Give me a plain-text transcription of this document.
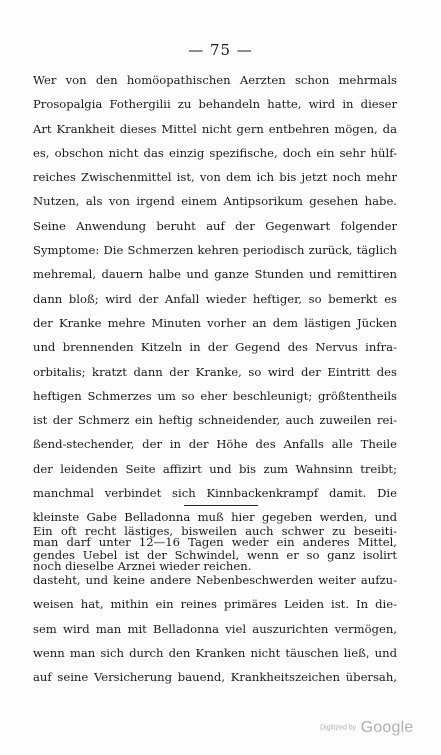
— 75 —
Wer von den homöopathischen Aerzten schon mehrmals
Prosopalgia Fothergilii zu behandeln hatte, wird in dieser
Art Krankheit dieses Mittel nicht gern entbehren mögen, da
es, obschon nicht das einzig spezifische, doch ein sehr hülf-
reiches Zwischenmittel ist, von dem ich bis jetzt noch mehr
Nutzen, als von irgend einem Antipsorikum gesehen habe.
Seine Anwendung beruht auf der Gegenwart folgender
Symptome: Die Schmerzen kehren periodisch zurück, täglich
mehremal, dauern halbe und ganze Stunden und remittiren
dann bloß; wird der Anfall wieder heftiger, so bemerkt es
der Kranke mehre Minuten vorher an dem lästigen Jücken
und brennenden Kitzeln in der Gegend des Nervus infra-
orbitalis; kratzt dann der Kranke, so wird der Eintritt des
heftigen Schmerzes um so eher beschleunigt; größtentheils
ist der Schmerz ein heftig schneidender, auch zuweilen rei-
ßend-stechender, der in der Höhe des Anfalls alle Theile
der leidenden Seite affizirt und bis zum Wahnsinn treibt;
manchmal verbindet sich Kinnbackenkrampf damit. Die
kleinste Gabe Belladonna muß hier gegeben werden, und
man darf unter 12—16 Tagen weder ein anderes Mittel,
noch dieselbe Arznei wieder reichen.
Ein oft recht lästiges, bisweilen auch schwer zu beseiti-
gendes Uebel ist der Schwindel, wenn er so ganz isolirt
dasteht, und keine andere Nebenbeschwerden weiter aufzu-
weisen hat, mithin ein reines primäres Leiden ist. In die-
sem wird man mit Belladonna viel auszurichten vermögen,
wenn man sich durch den Kranken nicht täuschen ließ, und
auf seine Versicherung bauend, Krankheitszeichen übersah,
Digitized by Google
